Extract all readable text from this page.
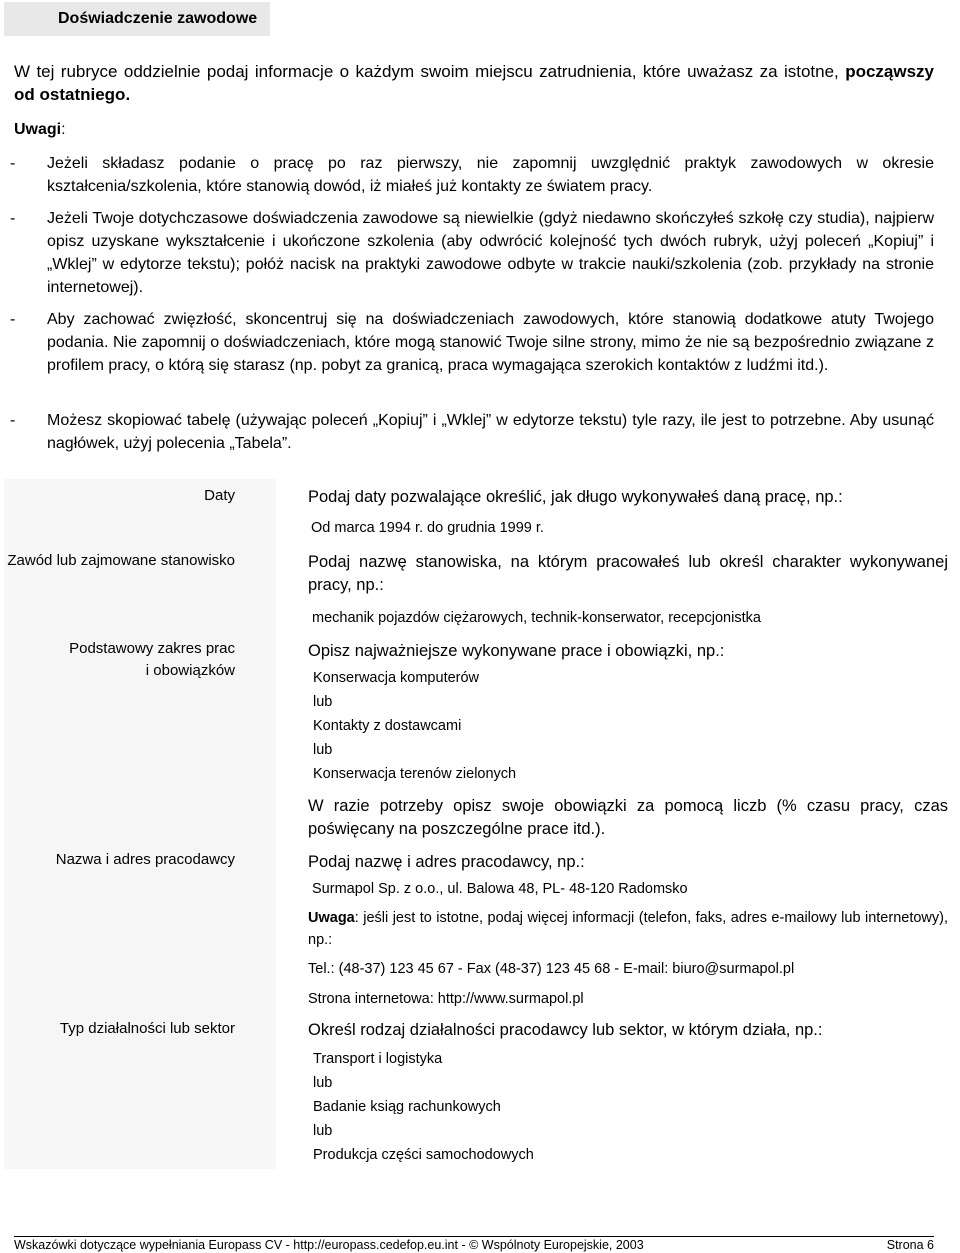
Doświadczenie zawodowe
W tej rubryce oddzielnie podaj informacje o każdym swoim miejscu zatrudnienia, które uważasz za istotne, począwszy od ostatniego.
Uwagi:
- Jeżeli składasz podanie o pracę po raz pierwszy, nie zapomnij uwzględnić praktyk zawodowych w okresie kształcenia/szkolenia, które stanowią dowód, iż miałeś już kontakty ze światem pracy.
- Jeżeli Twoje dotychczasowe doświadczenia zawodowe są niewielkie (gdyż niedawno skończyłeś szkołę czy studia), najpierw opisz uzyskane wykształcenie i ukończone szkolenia (aby odwrócić kolejność tych dwóch rubryk, użyj poleceń „Kopiuj” i „Wklej” w edytorze tekstu); połóż nacisk na praktyki zawodowe odbyte w trakcie nauki/szkolenia (zob. przykłady na stronie internetowej).
- Aby zachować zwięzłość, skoncentruj się na doświadczeniach zawodowych, które stanowią dodatkowe atuty Twojego podania. Nie zapomnij o doświadczeniach, które mogą stanowić Twoje silne strony, mimo że nie są bezpośrednio związane z profilem pracy, o którą się starasz (np. pobyt za granicą, praca wymagająca szerokich kontaktów z ludźmi itd.).
- Możesz skopiować tabelę (używając poleceń „Kopiuj” i „Wklej” w edytorze tekstu) tyle razy, ile jest to potrzebne. Aby usunąć nagłówek, użyj polecenia „Tabela”.
Daty
Zawód lub zajmowane stanowisko
Podstawowy zakres prac
i obowiązków
Nazwa i adres pracodawcy
Typ działalności lub sektor
Podaj daty pozwalające określić, jak długo wykonywałeś daną pracę, np.:
Od marca 1994 r. do grudnia 1999 r.
Podaj nazwę stanowiska, na którym pracowałeś lub określ charakter wykonywanej pracy, np.:
mechanik pojazdów ciężarowych, technik-konserwator, recepcjonistka
Opisz najważniejsze wykonywane prace i obowiązki, np.:
Konserwacja komputerów
lub
Kontakty z dostawcami
lub
Konserwacja terenów zielonych
W razie potrzeby opisz swoje obowiązki za pomocą liczb (% czasu pracy, czas poświęcany na poszczególne prace itd.).
Podaj nazwę i adres pracodawcy, np.:
Surmapol Sp. z o.o., ul. Balowa 48, PL- 48-120 Radomsko
Uwaga: jeśli jest to istotne, podaj więcej informacji (telefon, faks, adres e-mailowy lub internetowy), np.:
Tel.: (48-37) 123 45 67 - Fax (48-37) 123 45 68 - E-mail: biuro@surmapol.pl
Strona internetowa: http://www.surmapol.pl
Określ rodzaj działalności pracodawcy lub sektor, w którym działa, np.:
Transport i logistyka
lub
Badanie ksiąg rachunkowych
lub
Produkcja części samochodowych
Wskazówki dotyczące wypełniania Europass CV - http://europass.cedefop.eu.int - © Wspólnoty Europejskie, 2003	Strona 6
